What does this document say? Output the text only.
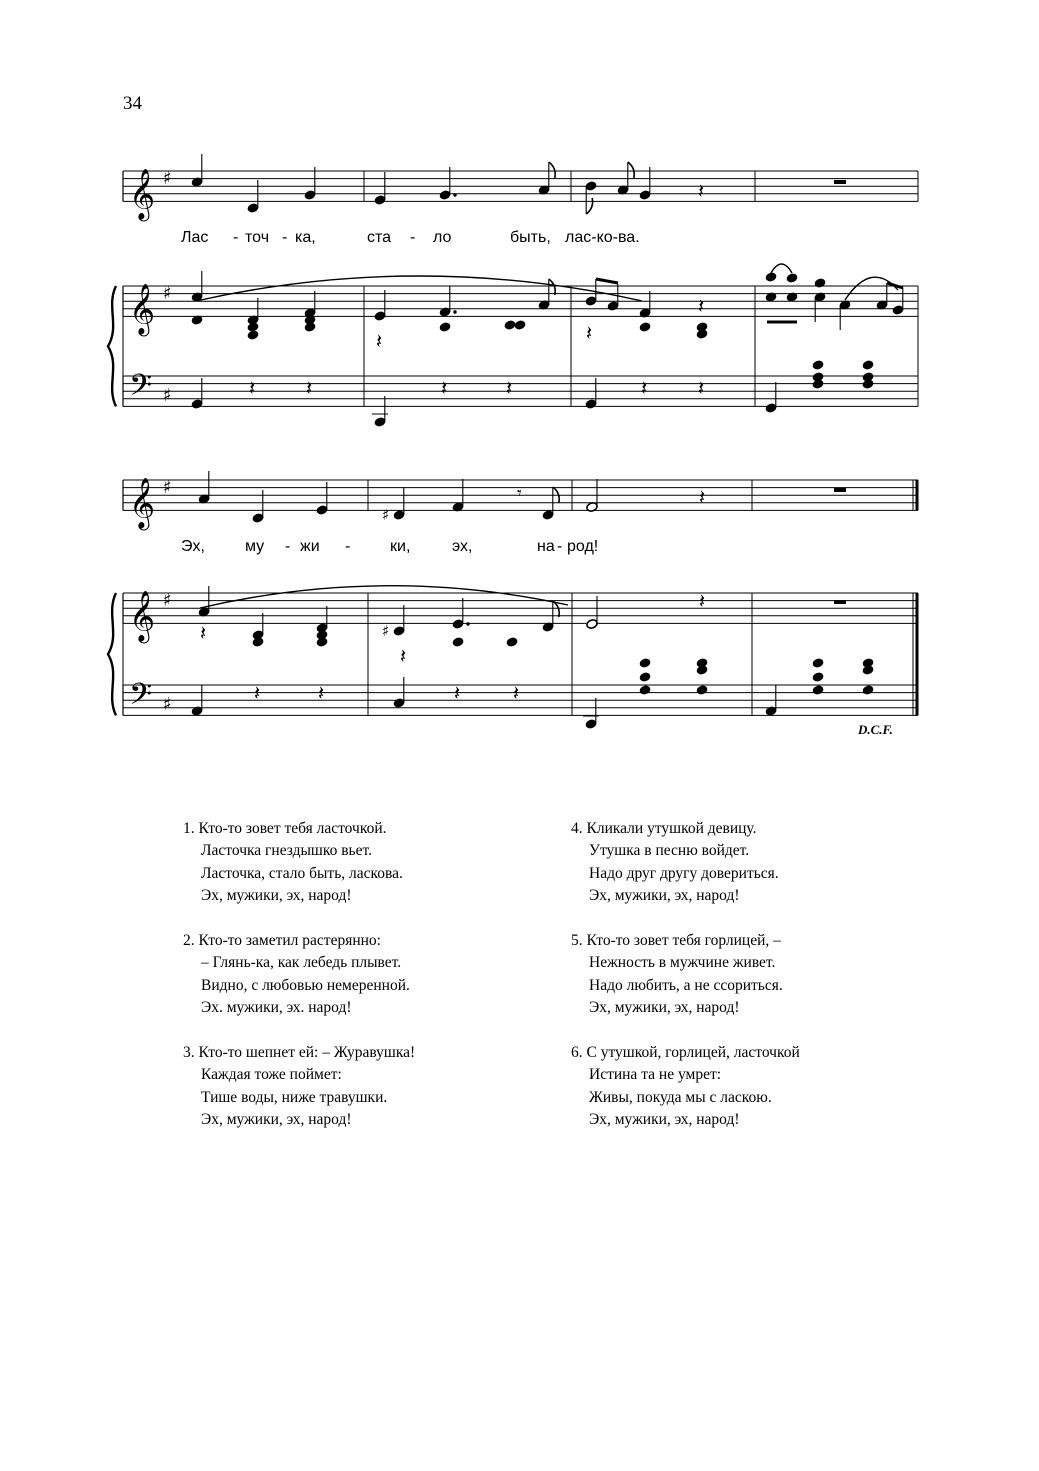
34
𝄞 ♯
𝄞 ♯
𝄢 ♯
𝄽
Лас - точ - ка,	ста - ло	быть, лас-ко-ва.
𝄽	𝄽
𝄽
𝄽	𝄽	𝄽	𝄽	𝄽	𝄽
𝄞 ♯
𝄞 ♯
𝄢 ♯
♯
𝄾	𝄽
Эх,	му - жи - ки,	эх,	на - род!
𝄽	♯
𝄽
𝄽
𝄽	𝄽	𝄽	𝄽
D.C.F.
1. Кто-то зовет тебя ласточкой.
Ласточка гнездышко вьет.
Ласточка, стало быть, ласкова.
Эх, мужики, эх, народ!
2. Кто-то заметил растерянно:
– Глянь-ка, как лебедь плывет.
Видно, с любовью немеренной.
Эх. мужики, эх. народ!
3. Кто-то шепнет ей: – Журавушка!
Каждая тоже поймет:
Тише воды, ниже травушки.
Эх, мужики, эх, народ!
4. Кликали утушкой девицу.
Утушка в песню войдет.
Надо друг другу довериться.
Эх, мужики, эх, народ!
5. Кто-то зовет тебя горлицей, –
Нежность в мужчине живет.
Надо любить, а не ссориться.
Эх, мужики, эх, народ!
6. С утушкой, горлицей, ласточкой
Истина та не умрет:
Живы, покуда мы с ласкою.
Эх, мужики, эх, народ!
